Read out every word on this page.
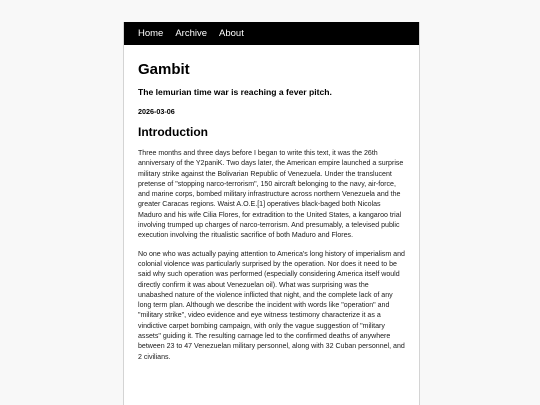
Home Archive About
Gambit

The lemurian time war is reaching a fever pitch.

2026-03-06

Introduction

Three months and three days before I began to write this text, it was the 26th anniversary of the Y2paniK. Two days later, the American empire launched a surprise military strike against the Bolivarian Republic of Venezuela. Under the translucent pretense of "stopping narco-terrorism", 150 aircraft belonging to the navy, air-force, and marine corps, bombed military infrastructure across northern Venezuela and the greater Caracas regions. Waist A.O.E.[1] operatives black-baged both Nicolas Maduro and his wife Cilia Flores, for extradition to the United States, a kangaroo trial involving trumped up charges of narco-terrorism. And presumably, a televised public execution involving the ritualistic sacrifice of both Maduro and Flores.

No one who was actually paying attention to America's long history of imperialism and colonial violence was particularly surprised by the operation. Nor does it need to be said why such operation was performed (especially considering America itself would directly confirm it was about Venezuelan oil). What was surprising was the unabashed nature of the violence inflicted that night, and the complete lack of any long term plan. Although we describe the incident with words like "operation" and "military strike", video evidence and eye witness testimony characterize it as a vindictive carpet bombing campaign, with only the vague suggestion of "military assets" guiding it. The resulting carnage led to the confirmed deaths of anywhere between 23 to 47 Venezuelan military personnel, along with 32 Cuban personnel, and 2 civilians.
